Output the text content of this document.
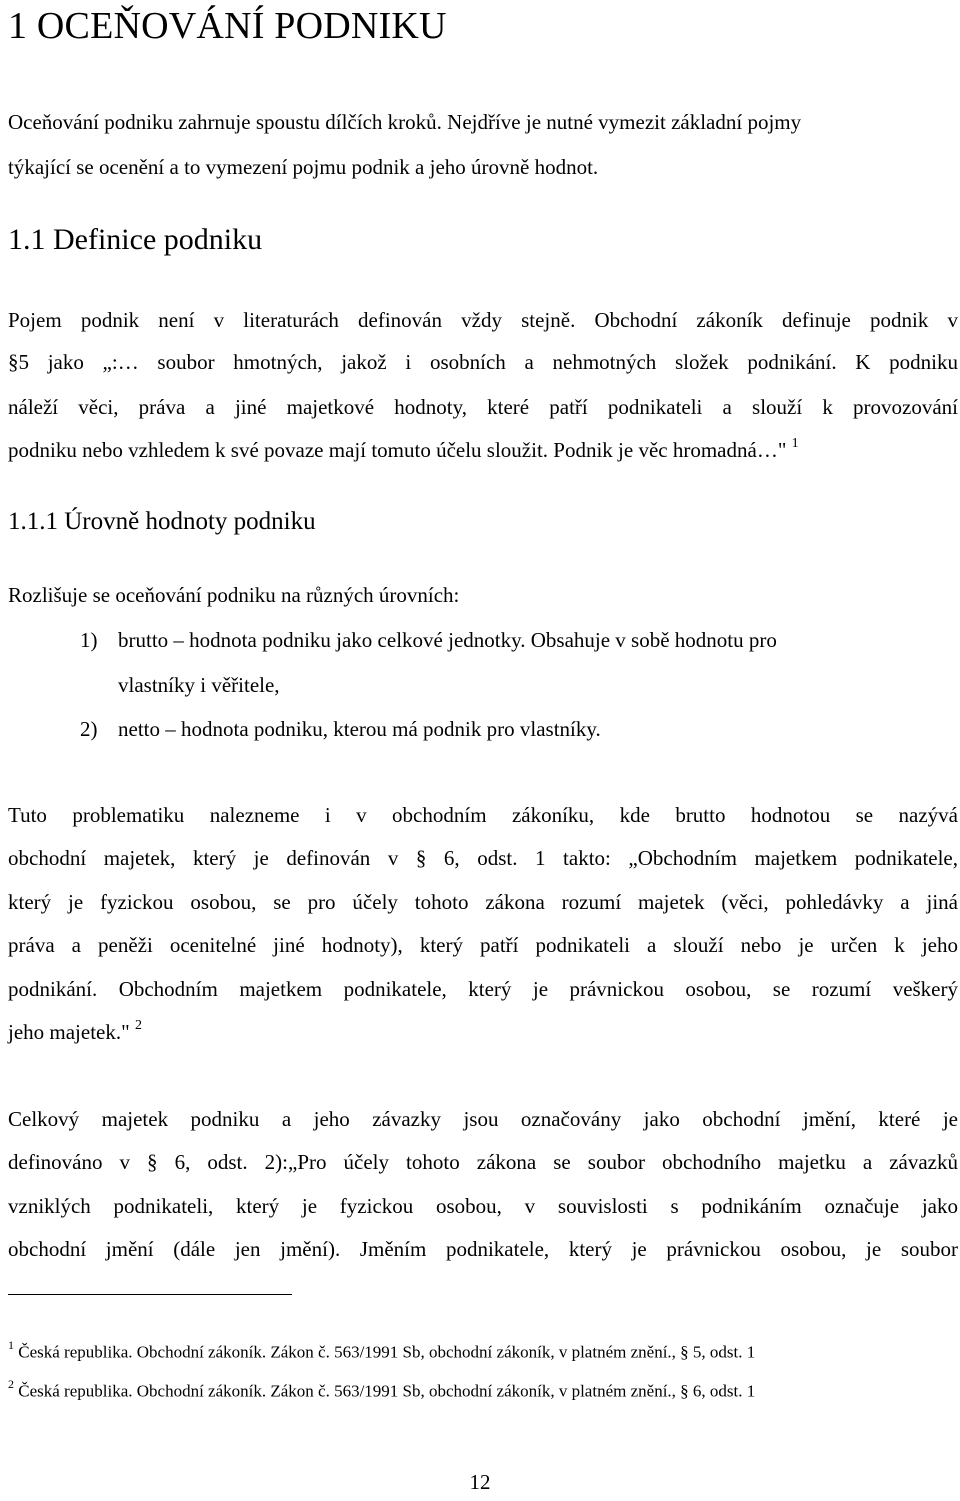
1 OCEŇOVÁNÍ PODNIKU
Oceňování podniku zahrnuje spoustu dílčích kroků. Nejdříve je nutné vymezit základní pojmy
týkající se ocenění a to vymezení pojmu podnik a jeho úrovně hodnot.
1.1 Definice podniku
Pojem podnik není v literaturách definován vždy stejně. Obchodní zákoník definuje podnik v
§5 jako „:… soubor hmotných, jakož i osobních a nehmotných složek podnikání. K podniku
náleží věci, práva a jiné majetkové hodnoty, které patří podnikateli a slouží k provozování
podniku nebo vzhledem k své povaze mají tomuto účelu sloužit. Podnik je věc hromadná…" $^1$
1.1.1 Úrovně hodnoty podniku
Rozlišuje se oceňování podniku na různých úrovních:
1) brutto – hodnota podniku jako celkové jednotky. Obsahuje v sobě hodnotu pro
vlastníky i věřitele,
2) netto – hodnota podniku, kterou má podnik pro vlastníky.
Tuto problematiku nalezneme i v obchodním zákoníku, kde brutto hodnotou se nazývá
obchodní majetek, který je definován v § 6, odst. 1 takto: „Obchodním majetkem podnikatele,
který je fyzickou osobou, se pro účely tohoto zákona rozumí majetek (věci, pohledávky a jiná
práva a peněži ocenitelné jiné hodnoty), který patří podnikateli a slouží nebo je určen k jeho
podnikání. Obchodním majetkem podnikatele, který je právnickou osobou, se rozumí veškerý
jeho majetek." $^2$
Celkový majetek podniku a jeho závazky jsou označovány jako obchodní jmění, které je
definováno v § 6, odst. 2):„Pro účely tohoto zákona se soubor obchodního majetku a závazků
vzniklých podnikateli, který je fyzickou osobou, v souvislosti s podnikáním označuje jako
obchodní jmění (dále jen jmění). Jměním podnikatele, který je právnickou osobou, je soubor
$^1$ Česká republika. Obchodní zákoník. Zákon č. 563/1991 Sb, obchodní zákoník, v platném znění., § 5, odst. 1
$^2$ Česká republika. Obchodní zákoník. Zákon č. 563/1991 Sb, obchodní zákoník, v platném znění., § 6, odst. 1
12
